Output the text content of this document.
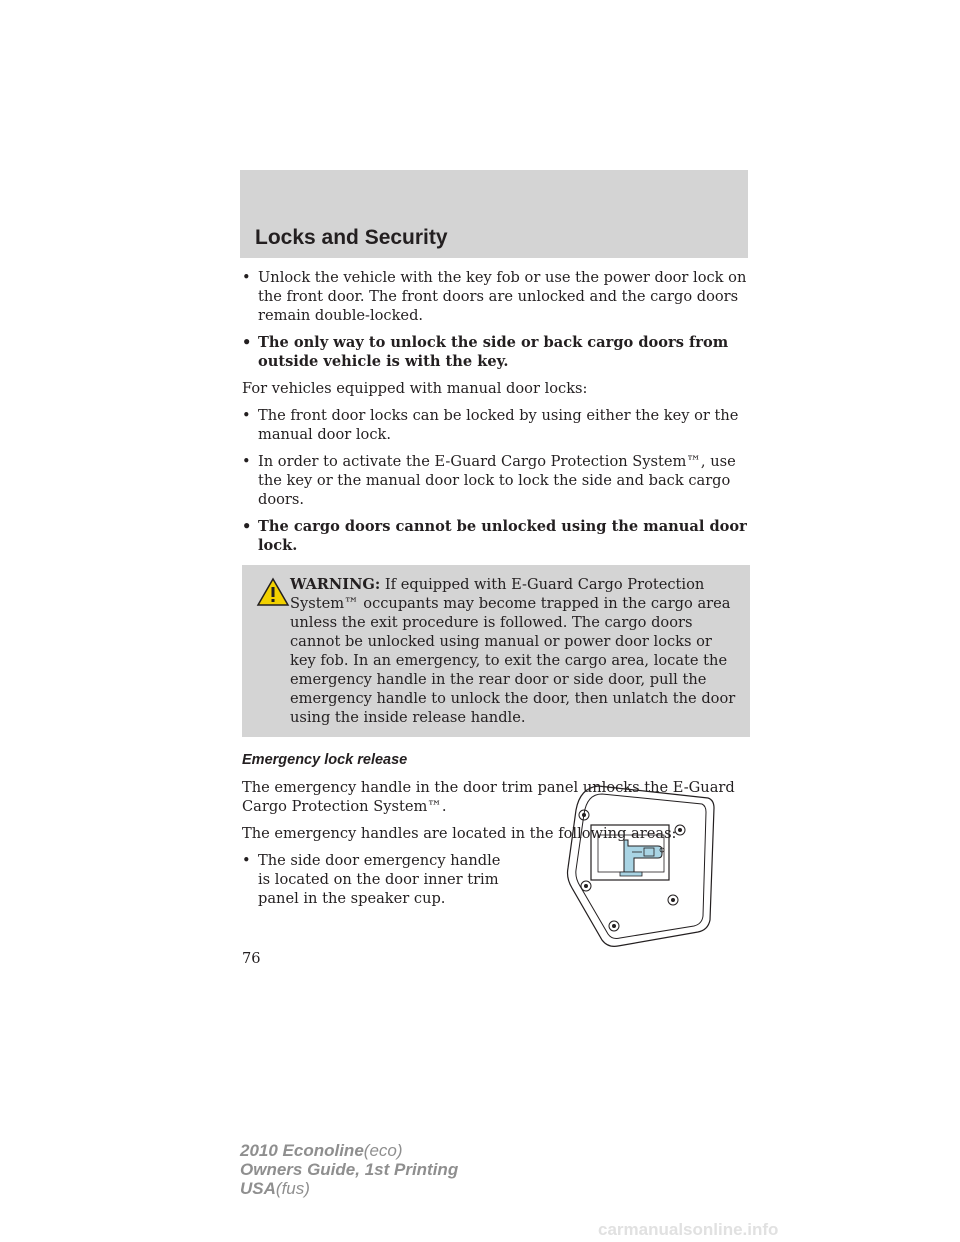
Locks and Security
• Unlock the vehicle with the key fob or use the power door lock on the front door. The front doors are unlocked and the cargo doors remain double-locked.
• The only way to unlock the side or back cargo doors from outside vehicle is with the key.

For vehicles equipped with manual door locks:

• The front door locks can be locked by using either the key or the manual door lock.
• In order to activate the E-Guard Cargo Protection System™, use the key or the manual door lock to lock the side and back cargo doors.
• The cargo doors cannot be unlocked using the manual door lock.
WARNING: If equipped with E-Guard Cargo Protection System™ occupants may become trapped in the cargo area unless the exit procedure is followed. The cargo doors cannot be unlocked using manual or power door locks or key fob. In an emergency, to exit the cargo area, locate the emergency handle in the rear door or side door, pull the emergency handle to unlock the door, then unlatch the door using the inside release handle.
Emergency lock release

The emergency handle in the door trim panel unlocks the E-Guard Cargo Protection System™.

The emergency handles are located in the following areas:

• The side door emergency handle is located on the door inner trim panel in the speaker cup.
76
2010 Econoline(eco)
Owners Guide, 1st Printing
USA(fus)
carmanualsonline.info
